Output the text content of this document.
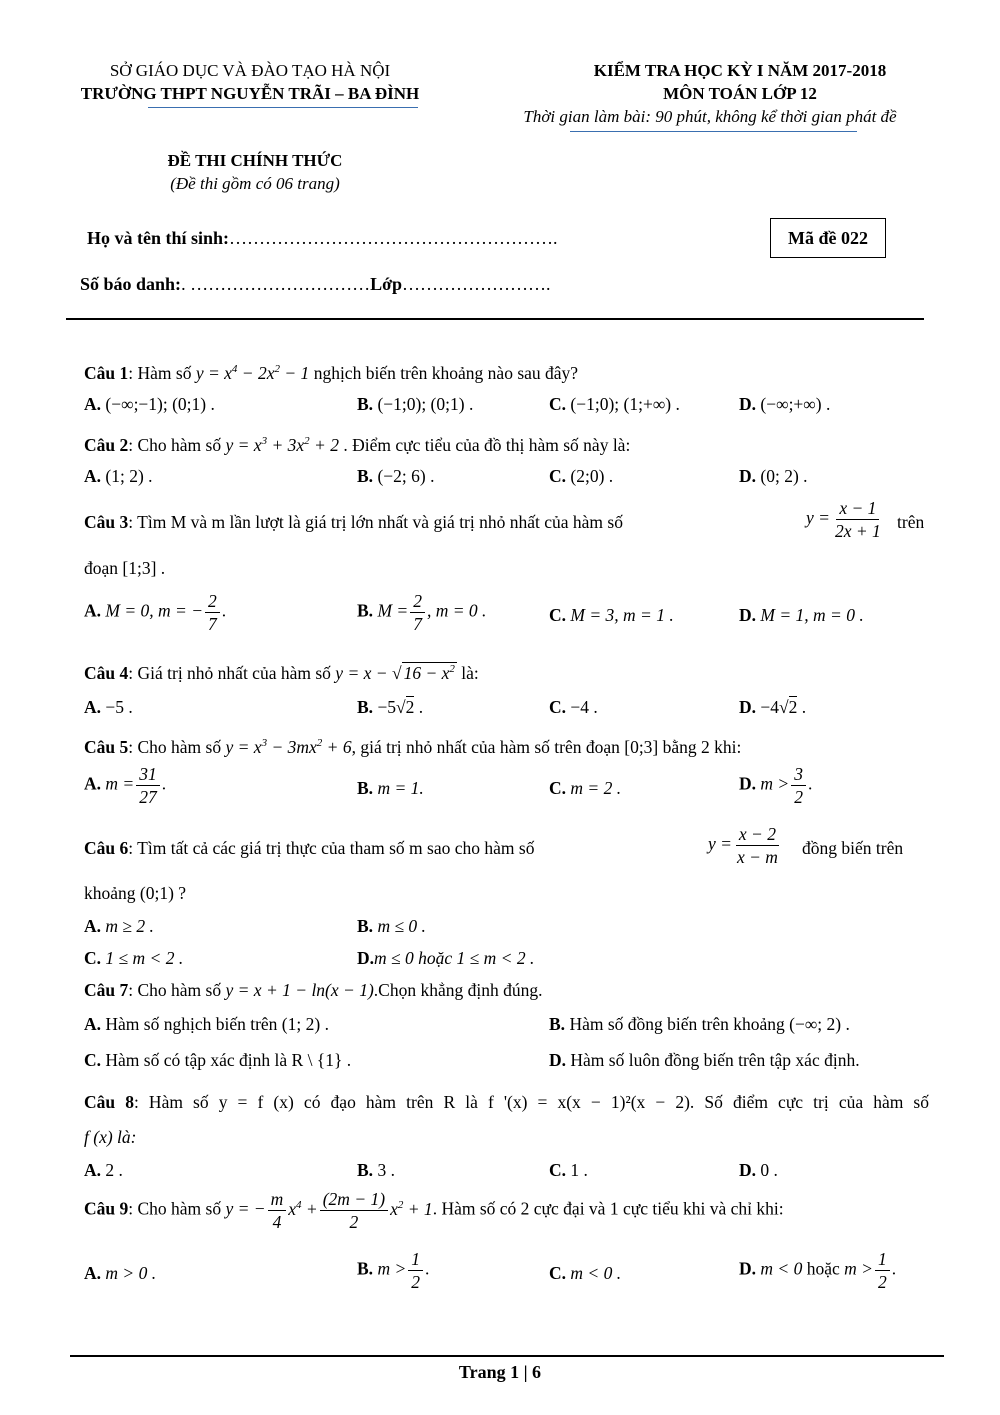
SỞ GIÁO DỤC VÀ ĐÀO TẠO HÀ NỘI
TRƯỜNG THPT NGUYỄN TRÃI – BA ĐÌNH
KIỂM TRA HỌC KỲ I NĂM 2017-2018
MÔN TOÁN LỚP 12
Thời gian làm bài: 90 phút, không kể thời gian phát đề
ĐỀ THI CHÍNH THỨC
(Đề thi gồm có 06 trang)
Họ và tên thí sinh:……………………………………………….	Mã đề 022
Số báo danh:. …………………………Lớp…………………….
Câu 1: Hàm số $y = x^4 - 2x^2 - 1$ nghịch biến trên khoảng nào sau đây?
A. (−∞;−1); (0;1) .	B. (−1;0); (0;1) .	C. (−1;0); (1;+∞) .	D. (−∞;+∞) .
Câu 2: Cho hàm số $y = x^3 + 3x^2 + 2$ . Điểm cực tiểu của đồ thị hàm số này là:
A. (1; 2) .	B. (−2; 6) .	C. (2;0) .	D. (0; 2) .
Câu 3: Tìm M và m lần lượt là giá trị lớn nhất và giá trị nhỏ nhất của hàm số	$y = \frac{x - 1}{2x + 1}$ trên
đoạn [1;3] .
A. M = 0, m = − $\frac{2}{7}$ .	B. $M = \frac{2}{7}$ , m = 0 .	C. M = 3, m = 1 .	D. M = 1, m = 0 .
Câu 4: Giá trị nhỏ nhất của hàm số y = x − √ $16 - x^2$ là:
A. −5 .	B. −5√2 .	C. −4 .	D. −4√2 .
Câu 5: Cho hàm số $y = x^3 - 3mx^2 + 6$, giá trị nhỏ nhất của hàm số trên đoạn [0;3] bằng 2 khi:
A. $m = \frac{31}{27}$ .	B. m = 1.	C. m = 2 .	D. $m > \frac{3}{2}$ .
Câu 6: Tìm tất cả các giá trị thực của tham số m sao cho hàm số	$y = \frac{x - 2}{x - m}$ đồng biến trên
khoảng (0;1) ?
A. m ≥ 2 .	B. m ≤ 0 .
C. 1 ≤ m < 2 .	D.m ≤ 0 hoặc 1 ≤ m < 2 .
Câu 7: Cho hàm số y = x + 1 − ln(x − 1).Chọn khẳng định đúng.
A. Hàm số nghịch biến trên (1; 2) .	B. Hàm số đồng biến trên khoảng (−∞; 2) .
C. Hàm số có tập xác định là R \ {1} .	D. Hàm số luôn đồng biến trên tập xác định.
Câu 8: Hàm số y = f (x) có đạo hàm trên R là f '(x) = x(x − 1)²(x − 2). Số điểm cực trị của hàm số
f (x) là:
A. 2 .	B. 3 .	C. 1 .	D. 0 .
Câu 9: Cho hàm số y = − $\frac{m}{4} x^4 + \frac{(2m - 1)}{2} x^2 + 1$. Hàm số có 2 cực đại và 1 cực tiểu khi và chỉ khi:
A. m > 0 .	B. $m > \frac{1}{2}$ .	C. m < 0 .	D. m < 0 hoặc $m > \frac{1}{2}$ .
Trang 1 | 6
